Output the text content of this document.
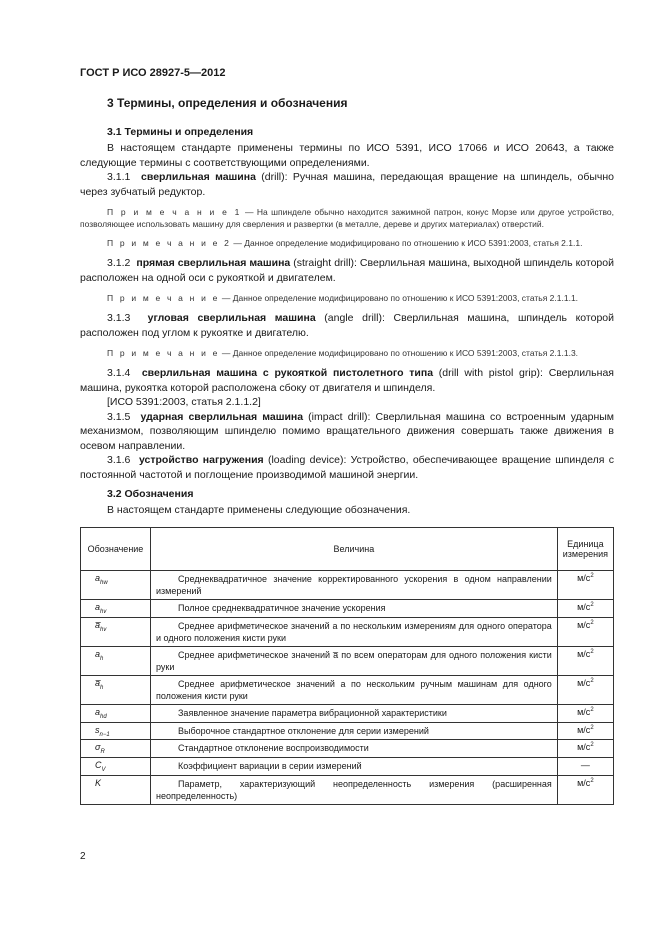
ГОСТ Р ИСО 28927-5—2012
3 Термины, определения и обозначения
3.1 Термины и определения

В настоящем стандарте применены термины по ИСО 5391, ИСО 17066 и ИСО 20643, а также следующие термины с соответствующими определениями.

3.1.1 сверлильная машина (drill): Ручная машина, передающая вращение на шпиндель, обычно через зубчатый редуктор.

П р и м е ч а н и е 1 — На шпинделе обычно находится зажимной патрон, конус Морзе или другое устройство, позволяющее использовать машину для сверления и развертки (в металле, дереве и других материалах) отверстий.

П р и м е ч а н и е 2 — Данное определение модифицировано по отношению к ИСО 5391:2003, статья 2.1.1.

3.1.2 прямая сверлильная машина (straight drill): Сверлильная машина, выходной шпиндель которой расположен на одной оси с рукояткой и двигателем.

П р и м е ч а н и е — Данное определение модифицировано по отношению к ИСО 5391:2003, статья 2.1.1.1.

3.1.3 угловая сверлильная машина (angle drill): Сверлильная машина, шпиндель которой расположен под углом к рукоятке и двигателю.

П р и м е ч а н и е — Данное определение модифицировано по отношению к ИСО 5391:2003, статья 2.1.1.3.

3.1.4 сверлильная машина с рукояткой пистолетного типа (drill with pistol grip): Сверлильная машина, рукоятка которой расположена сбоку от двигателя и шпинделя.

[ИСО 5391:2003, статья 2.1.1.2]

3.1.5 ударная сверлильная машина (impact drill): Сверлильная машина со встроенным ударным механизмом, позволяющим шпинделю помимо вращательного движения совершать также движения в осевом направлении.

3.1.6 устройство нагружения (loading device): Устройство, обеспечивающее вращение шпинделя с постоянной частотой и поглощение производимой машиной энергии.

3.2 Обозначения

В настоящем стандарте применены следующие обозначения.

Обозначение	Величина	Единица измерения
$a_{hw}$	Среднеквадратичное значение корректированного ускорения в одном направлении измерений	$м/с^2$
$a_{hv}$	Полное среднеквадратичное значение ускорения	$м/с^2$
$a̅_{hv}$	Среднее арифметическое значений a по нескольким измерениям для одного оператора и одного положения кисти руки	$м/с^2$
$a_h$	Среднее арифметическое значений a̅ по всем операторам для одного положения кисти руки	$м/с^2$
$a̅_h$	Среднее арифметическое значений a по нескольким ручным машинам для одного положения кисти руки	$м/с^2$
$a_{hd}$	Заявленное значение параметра вибрационной характеристики	$м/с^2$
$s_{n-1}$	Выборочное стандартное отклонение для серии измерений	$м/с^2$
$\sigma_R$	Стандартное отклонение воспроизводимости	$м/с^2$
$C_V$	Коэффициент вариации в серии измерений	—
K	Параметр, характеризующий неопределенность измерения (расширенная неопределенность)	$м/с^2$
2
